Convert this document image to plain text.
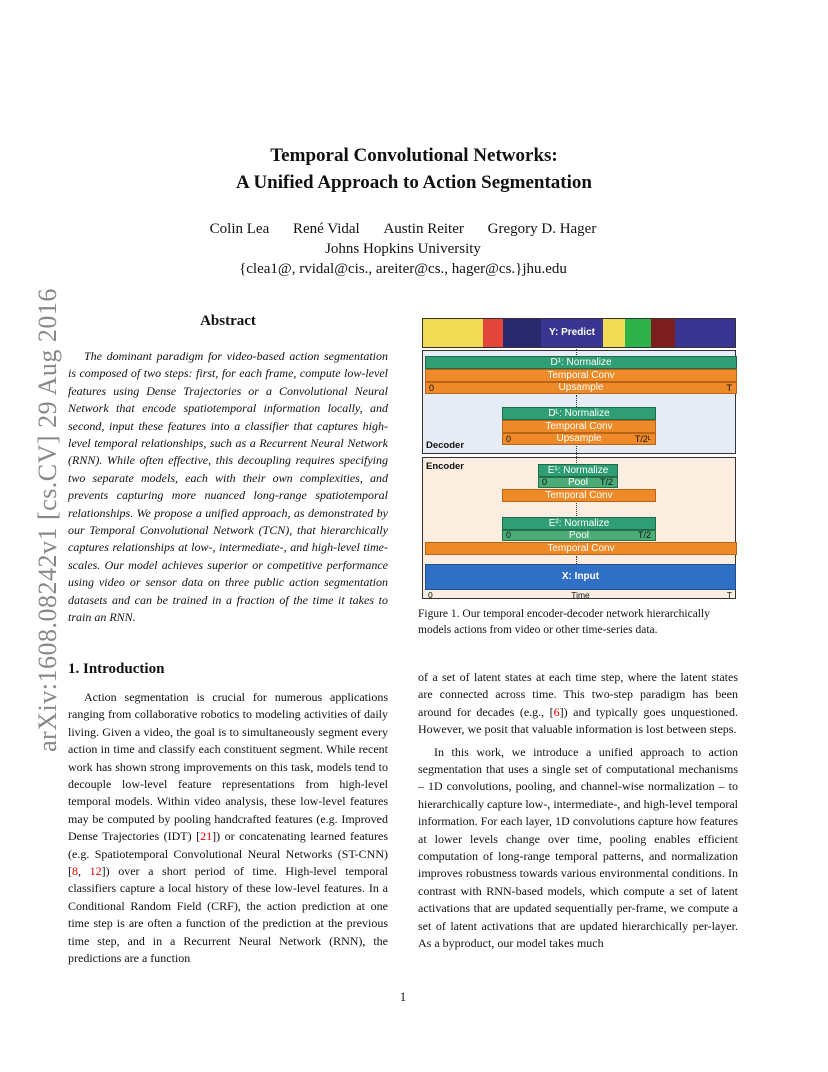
arXiv:1608.08242v1 [cs.CV] 29 Aug 2016
Temporal Convolutional Networks:
A Unified Approach to Action Segmentation
Colin Lea René Vidal Austin Reiter Gregory D. Hager
Johns Hopkins University
{clea1@, rvidal@cis., areiter@cs., hager@cs.}jhu.edu
Abstract

The dominant paradigm for video-based action segmentation is composed of two steps: first, for each frame, compute low-level features using Dense Trajectories or a Convolutional Neural Network that encode spatiotemporal information locally, and second, input these features into a classifier that captures high-level temporal relationships, such as a Recurrent Neural Network (RNN). While often effective, this decoupling requires specifying two separate models, each with their own complexities, and prevents capturing more nuanced long-range spatiotemporal relationships. We propose a unified approach, as demonstrated by our Temporal Convolutional Network (TCN), that hierarchically captures relationships at low-, intermediate-, and high-level time-scales. Our model achieves superior or competitive performance using video or sensor data on three public action segmentation datasets and can be trained in a fraction of the time it takes to train an RNN.

Y: Predict
Decoder
D¹: Normalize
Temporal Conv
0	Upsample	T
Dᴸ: Normalize
Temporal Conv
0	Upsample	T/2ᴸ
Encoder	E¹: Normalize
0 Pool T/2
Temporal Conv
E²: Normalize
0	Pool	T/2
Temporal Conv
X: Input
0	Time	T
Figure 1. Our temporal encoder-decoder network hierarchically models actions from video or other time-series data.
1. Introduction

Action segmentation is crucial for numerous applications ranging from collaborative robotics to modeling activities of daily living. Given a video, the goal is to simultaneously segment every action in time and classify each constituent segment. While recent work has shown strong improvements on this task, models tend to decouple low-level feature representations from high-level temporal models. Within video analysis, these low-level features may be computed by pooling handcrafted features (e.g. Improved Dense Trajectories (IDT) [21]) or concatenating learned features (e.g. Spatiotemporal Convolutional Neural Networks (ST-CNN) [8, 12]) over a short period of time. High-level temporal classifiers capture a local history of these low-level features. In a Conditional Random Field (CRF), the action prediction at one time step is are often a function of the prediction at the previous time step, and in a Recurrent Neural Network (RNN), the predictions are a function

of a set of latent states at each time step, where the latent states are connected across time. This two-step paradigm has been around for decades (e.g., [6]) and typically goes unquestioned. However, we posit that valuable information is lost between steps.

In this work, we introduce a unified approach to action segmentation that uses a single set of computational mechanisms – 1D convolutions, pooling, and channel-wise normalization – to hierarchically capture low-, intermediate-, and high-level temporal information. For each layer, 1D convolutions capture how features at lower levels change over time, pooling enables efficient computation of long-range temporal patterns, and normalization improves robustness towards various environmental conditions. In contrast with RNN-based models, which compute a set of latent activations that are updated sequentially per-frame, we compute a set of latent activations that are updated hierarchically per-layer. As a byproduct, our model takes much

1
